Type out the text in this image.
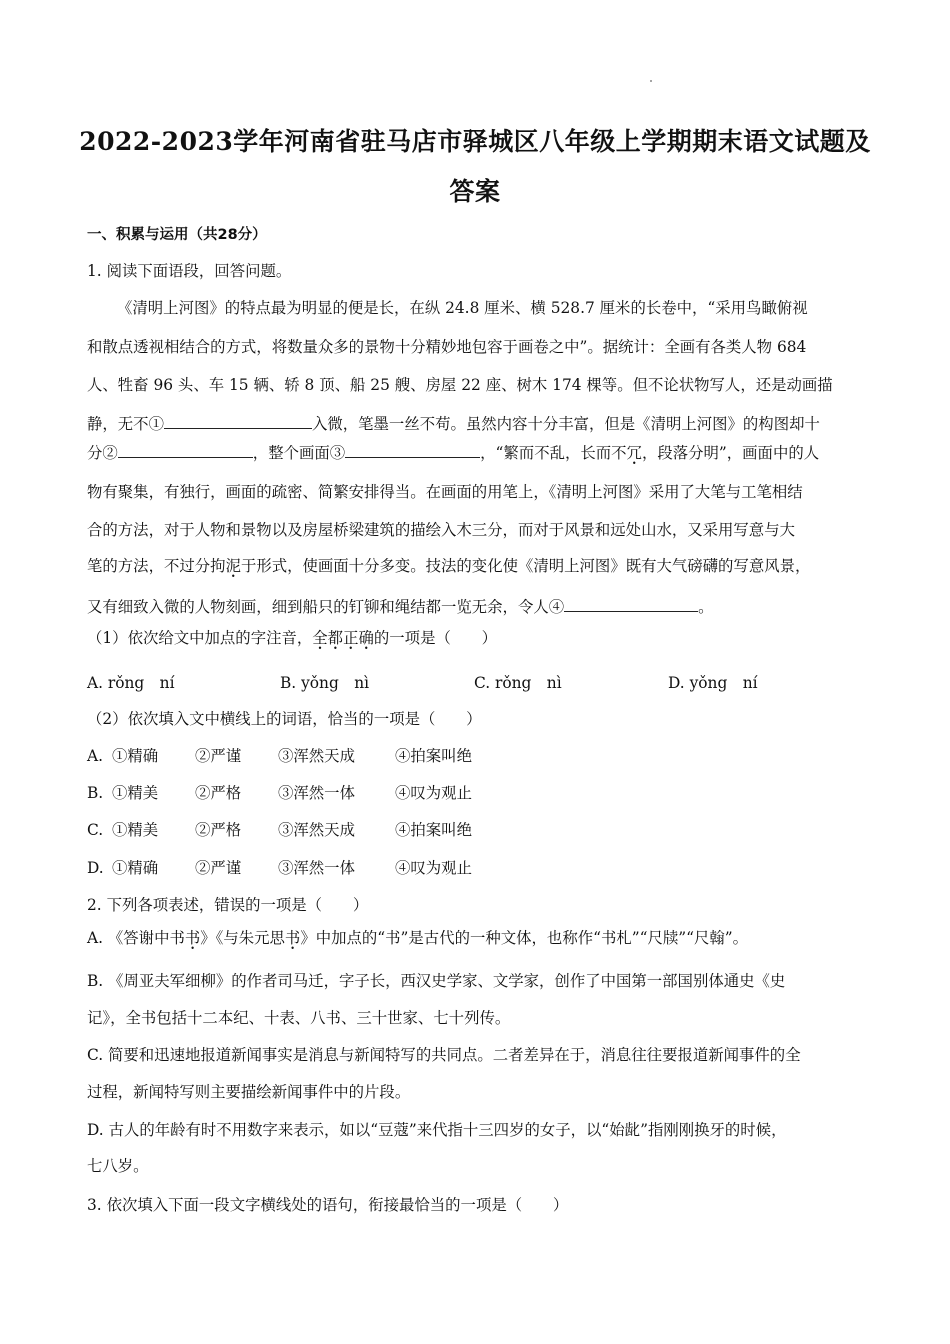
2022-2023学年河南省驻马店市驿城区八年级上学期期末语文试题及
答案
一、积累与运用（共28分）
1. 阅读下面语段，回答问题。
《清明上河图》的特点最为明显的便是长，在纵 24.8 厘米、横 528.7 厘米的长卷中，“采用鸟瞰俯视
和散点透视相结合的方式，将数量众多的景物十分精妙地包容于画卷之中”。据统计：全画有各类人物 684
人、牲畜 96 头、车 15 辆、轿 8 顶、船 25 艘、房屋 22 座、树木 174 棵等。但不论状物写人，还是动画描
静，无不①	入微，笔墨一丝不苟。虽然内容十分丰富，但是《清明上河图》的构图却十
分②	，整个画面③	，“繁而不乱，长而不冗，段落分明”，画面中的人
物有聚集，有独行，画面的疏密、简繁安排得当。在画面的用笔上，《清明上河图》采用了大笔与工笔相结
合的方法，对于人物和景物以及房屋桥梁建筑的描绘入木三分，而对于风景和远处山水，又采用写意与大
笔的方法，不过分拘泥于形式，使画面十分多变。技法的变化使《清明上河图》既有大气磅礴的写意风景，
又有细致入微的人物刻画，细到船只的钉铆和绳结都一览无余，令人④	。
（1）依次给文中加点的字注音，全都正确的一项是（　　）
A. rǒng　ní	B. yǒng　nì	C. rǒng　nì	D. yǒng　ní
（2）依次填入文中横线上的词语，恰当的一项是（　　）
A. ①精确 ②严谨 ③浑然天成	④拍案叫绝
B. ①精美 ②严格 ③浑然一体	④叹为观止
C. ①精美 ②严格 ③浑然天成	④拍案叫绝
D. ①精确 ②严谨 ③浑然一体	④叹为观止
2. 下列各项表述，错误的一项是（　　）
A. 《答谢中书书》《与朱元思书》中加点的“书”是古代的一种文体，也称作“书札”“尺牍”“尺翰”。
B. 《周亚夫军细柳》的作者司马迁，字子长，西汉史学家、文学家，创作了中国第一部国别体通史《史
记》，全书包括十二本纪、十表、八书、三十世家、七十列传。
C. 简要和迅速地报道新闻事实是消息与新闻特写的共同点。二者差异在于，消息往往要报道新闻事件的全
过程，新闻特写则主要描绘新闻事件中的片段。
D. 古人的年龄有时不用数字来表示，如以“豆蔻”来代指十三四岁的女子，以“始龀”指刚刚换牙的时候，
七八岁。
3. 依次填入下面一段文字横线处的语句，衔接最恰当的一项是（　　）
